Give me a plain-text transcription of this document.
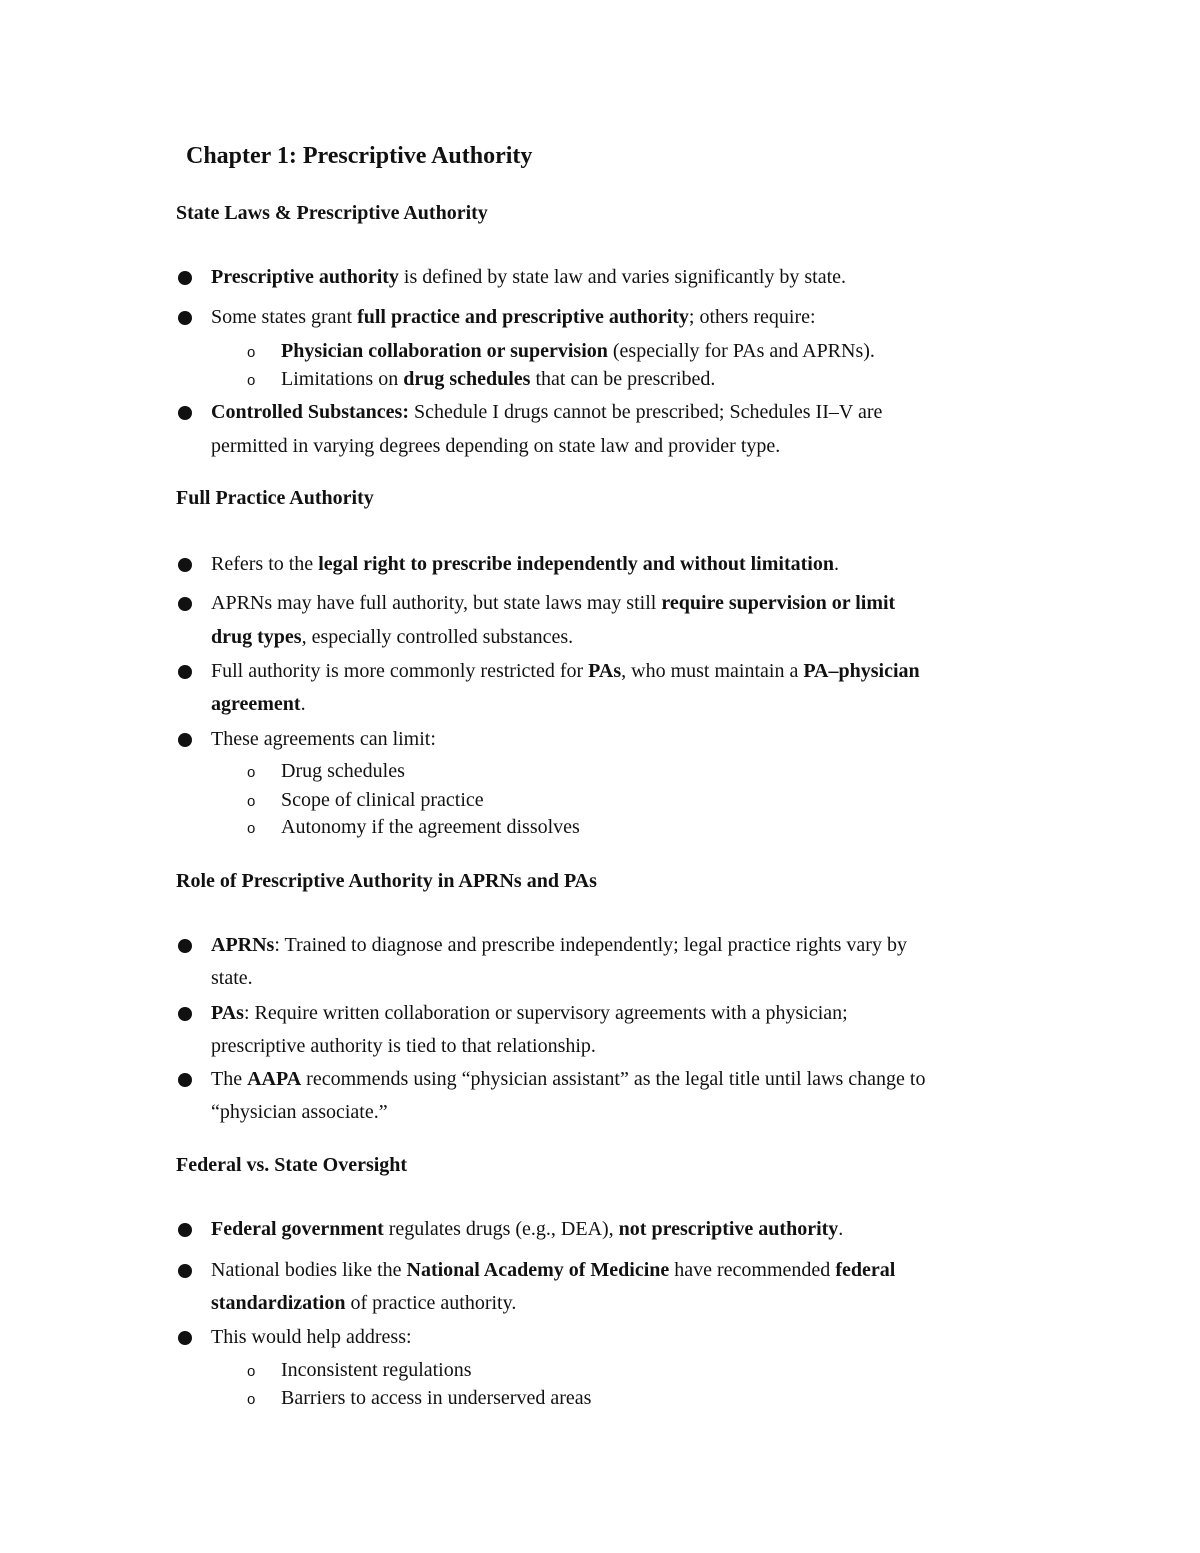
Chapter 1: Prescriptive Authority
State Laws & Prescriptive Authority

Prescriptive authority is defined by state law and varies significantly by state.

Some states grant full practice and prescriptive authority; others require:

Physician collaboration or supervision (especially for PAs and APRNs).

o

Limitations on drug schedules that can be prescribed.

o

Controlled Substances: Schedule I drugs cannot be prescribed; Schedules II–V are

permitted in varying degrees depending on state law and provider type.

Full Practice Authority

Refers to the legal right to prescribe independently and without limitation.

APRNs may have full authority, but state laws may still require supervision or limit

drug types, especially controlled substances.

Full authority is more commonly restricted for PAs, who must maintain a PA–physician

agreement.

These agreements can limit:

Drug schedules

o

Scope of clinical practice

o

Autonomy if the agreement dissolves

o
Role of Prescriptive Authority in APRNs and PAs

APRNs: Trained to diagnose and prescribe independently; legal practice rights vary by

state.

PAs: Require written collaboration or supervisory agreements with a physician;

prescriptive authority is tied to that relationship.

The AAPA recommends using “physician assistant” as the legal title until laws change to

“physician associate.”

Federal vs. State Oversight

Federal government regulates drugs (e.g., DEA), not prescriptive authority.

National bodies like the National Academy of Medicine have recommended federal

standardization of practice authority.

This would help address:

Inconsistent regulations

o

Barriers to access in underserved areas

o
